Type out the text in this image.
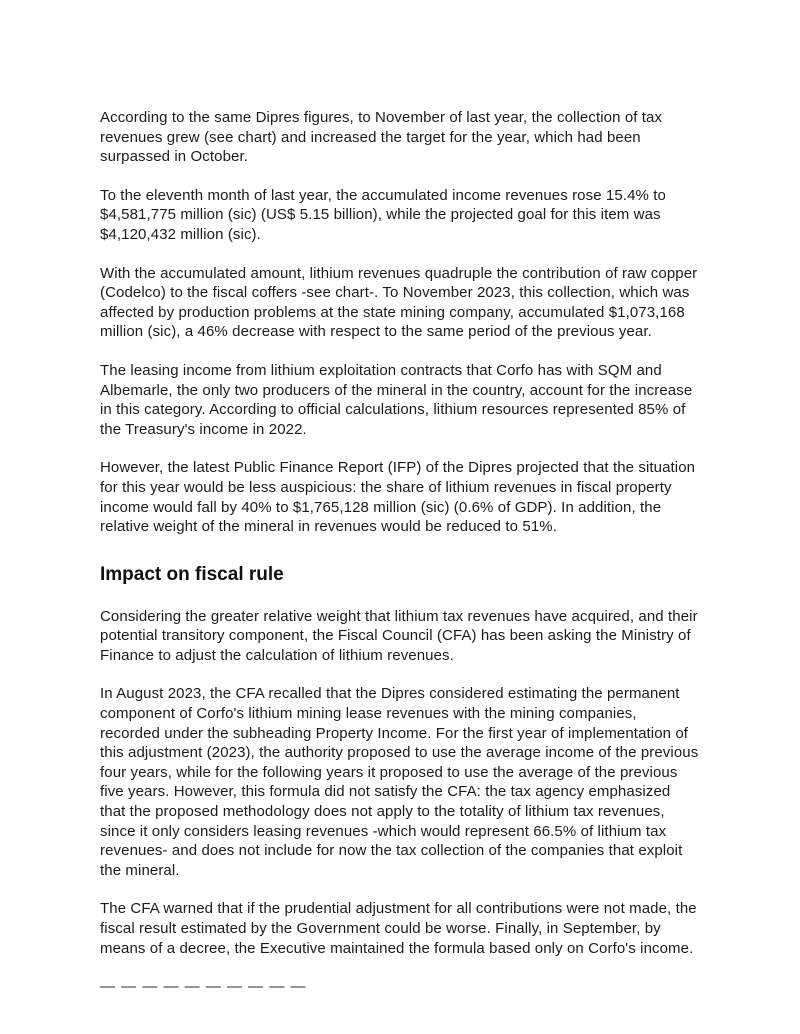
According to the same Dipres figures, to November of last year, the collection of tax revenues grew (see chart) and increased the target for the year, which had been surpassed in October.

To the eleventh month of last year, the accumulated income revenues rose 15.4% to $4,581,775 million (sic) (US$ 5.15 billion), while the projected goal for this item was $4,120,432 million (sic).

With the accumulated amount, lithium revenues quadruple the contribution of raw copper (Codelco) to the fiscal coffers -see chart-. To November 2023, this collection, which was affected by production problems at the state mining company, accumulated $1,073,168 million (sic), a 46% decrease with respect to the same period of the previous year.

The leasing income from lithium exploitation contracts that Corfo has with SQM and Albemarle, the only two producers of the mineral in the country, account for the increase in this category. According to official calculations, lithium resources represented 85% of the Treasury's income in 2022.

However, the latest Public Finance Report (IFP) of the Dipres projected that the situation for this year would be less auspicious: the share of lithium revenues in fiscal property income would fall by 40% to $1,765,128 million (sic) (0.6% of GDP). In addition, the relative weight of the mineral in revenues would be reduced to 51%.

Impact on fiscal rule

Considering the greater relative weight that lithium tax revenues have acquired, and their potential transitory component, the Fiscal Council (CFA) has been asking the Ministry of Finance to adjust the calculation of lithium revenues.

In August 2023, the CFA recalled that the Dipres considered estimating the permanent component of Corfo's lithium mining lease revenues with the mining companies, recorded under the subheading Property Income. For the first year of implementation of this adjustment (2023), the authority proposed to use the average income of the previous four years, while for the following years it proposed to use the average of the previous five years. However, this formula did not satisfy the CFA: the tax agency emphasized that the proposed methodology does not apply to the totality of lithium tax revenues, since it only considers leasing revenues -which would represent 66.5% of lithium tax revenues- and does not include for now the tax collection of the companies that exploit the mineral.

The CFA warned that if the prudential adjustment for all contributions were not made, the fiscal result estimated by the Government could be worse. Finally, in September, by means of a decree, the Executive maintained the formula based only on Corfo's income.

— — — — — — — — — —
